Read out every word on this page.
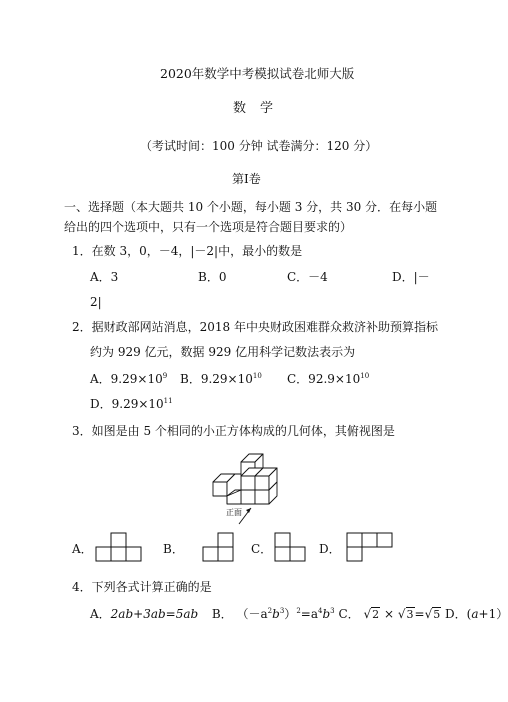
2020年数学中考模拟试卷北师大版
数学
（考试时间：100 分钟 试卷满分：120 分）
第Ⅰ卷
一、选择题（本大题共 10 个小题，每小题 3 分，共 30 分．在每小题
给出的四个选项中，只有一个选项是符合题目要求的）
1．在数 3，0，－4，|－2|中，最小的数是
A．3	B．0	C．－4	D．|－
2|
2．据财政部网站消息，2018 年中央财政困难群众救济补助预算指标
约为 929 亿元，数据 929 亿用科学记数法表示为
A．$9.29\times 10^9$ B．$9.29\times 10^{10}$ C．$92.9\times 10^{10}$
D．$9.29\times 10^{11}$
3．如图是由 5 个相同的小正方体构成的几何体，其俯视图是
正面
A．	B．	C．	D．
4．下列各式计算正确的是
A．2ab+3ab=5ab B． $(-a^2b^3)^2=a^4b^3$ C． √2 × √3=√5 D．(a+1）
